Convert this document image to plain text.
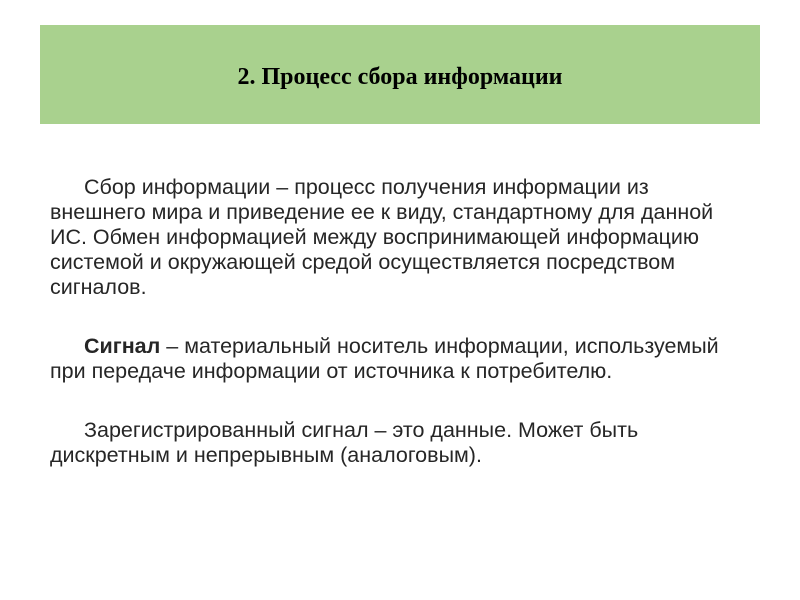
2. Процесс сбора информации

Сбор информации – процесс получения информации из внешнего мира и приведение ее к виду, стандартному для данной ИС. Обмен информацией между воспринимающей информацию системой и окружающей средой осуществляется посредством сигналов.

Сигнал – материальный носитель информации, используемый при передаче информации от источника к потребителю.

Зарегистрированный сигнал – это данные. Может быть дискретным и непрерывным (аналоговым).
